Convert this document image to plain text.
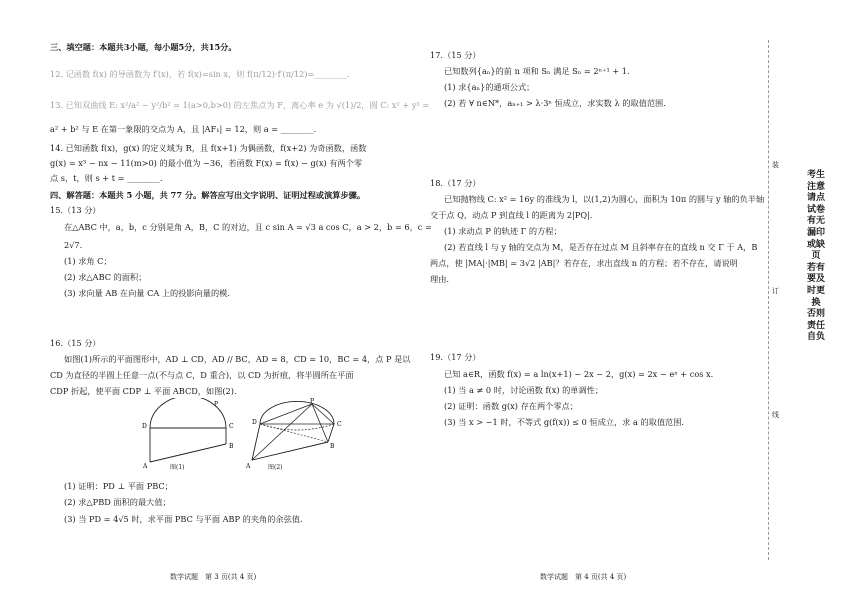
三、填空题：本题共3小题，每小题5分，共15分。
12. 记函数 f(x) 的导函数为 f′(x)，若 f(x)=sin x，则 f(π/12)·f′(π/12)=________.
13. 已知双曲线 E: x²/a² − y²/b² = 1(a>0,b>0) 的左焦点为 F，离心率 e 为 √(1)/2，圆 C: x² + y² =
a² + b² 与 E 在第一象限的交点为 A，且 |AF₁| = 12，则 a = ________.
14. 已知函数 f(x)，g(x) 的定义域为 R，且 f(x+1) 为偶函数，f(x+2) 为奇函数，函数
g(x) = x³ − nx − 11(m>0) 的最小值为 −36，若函数 F(x) = f(x) − g(x) 有两个零
点 s，t，则 s + t = ________.
四、解答题：本题共 5 小题，共 77 分。解答应写出文字说明、证明过程或演算步骤。
15.（13 分）
在△ABC 中，a，b，c 分别是角 A，B，C 的对边，且 c sin A = √3 a cos C，a > 2，b = 6，c =
2√7.
(1) 求角 C；
(2) 求△ABC 的面积；
(3) 求向量 AB 在向量 CA 上的投影向量的模.
16.（15 分）
如图(1)所示的平面图形中，AD ⊥ CD，AD // BC，AD = 8，CD = 10，BC = 4，点 P 是以
CD 为直径的半圆上任意一点(不与点 C，D 重合)，以 CD 为折痕，将半圆所在平面
CDP 折起，使平面 CDP ⊥ 平面 ABCD，如图(2).
P
D	C
A
B
图(1)
P
D	C
A
B
图(2)
(1) 证明：PD ⊥ 平面 PBC；
(2) 求△PBD 面积的最大值；
(3) 当 PD = 4√5 时，求平面 PBC 与平面 ABP 的夹角的余弦值.
数学试题　第 3 页(共 4 页)
17.（15 分）
已知数列{aₙ}的前 n 项和 Sₙ 满足 Sₙ = 2ⁿ⁺¹ + 1.
(1) 求{aₙ}的通项公式；
(2) 若 ∀ n∈N*，aₙ₊₁ > λ·3ⁿ 恒成立，求实数 λ 的取值范围.
18.（17 分）
已知抛物线 C: x² = 16y 的准线为 l，以(1,2)为圆心，面积为 10π 的圆与 y 轴的负半轴
交于点 Q，动点 P 到直线 l 的距离为 2|PQ|.
(1) 求动点 P 的轨迹 Γ 的方程；
(2) 若直线 l 与 y 轴的交点为 M，是否存在过点 M 且斜率存在的直线 n 交 Γ 于 A，B
两点，使 |MA|·|MB| = 3√2 |AB|？若存在，求出直线 n 的方程；若不存在，请说明
理由.
19.（17 分）
已知 a∈R，函数 f(x) = a ln(x+1) − 2x − 2，g(x) = 2x − eˣ + cos x.
(1) 当 a ≠ 0 时，讨论函数 f(x) 的单调性；
(2) 证明：函数 g(x) 存在两个零点；
(3) 当 x > −1 时，不等式 g(f(x)) ≤ 0 恒成立，求 a 的取值范围.
数学试题　第 4 页(共 4 页)
装
订
线
考生注意请点试卷有无漏印或缺页　若有要及时更换　否则责任自负
